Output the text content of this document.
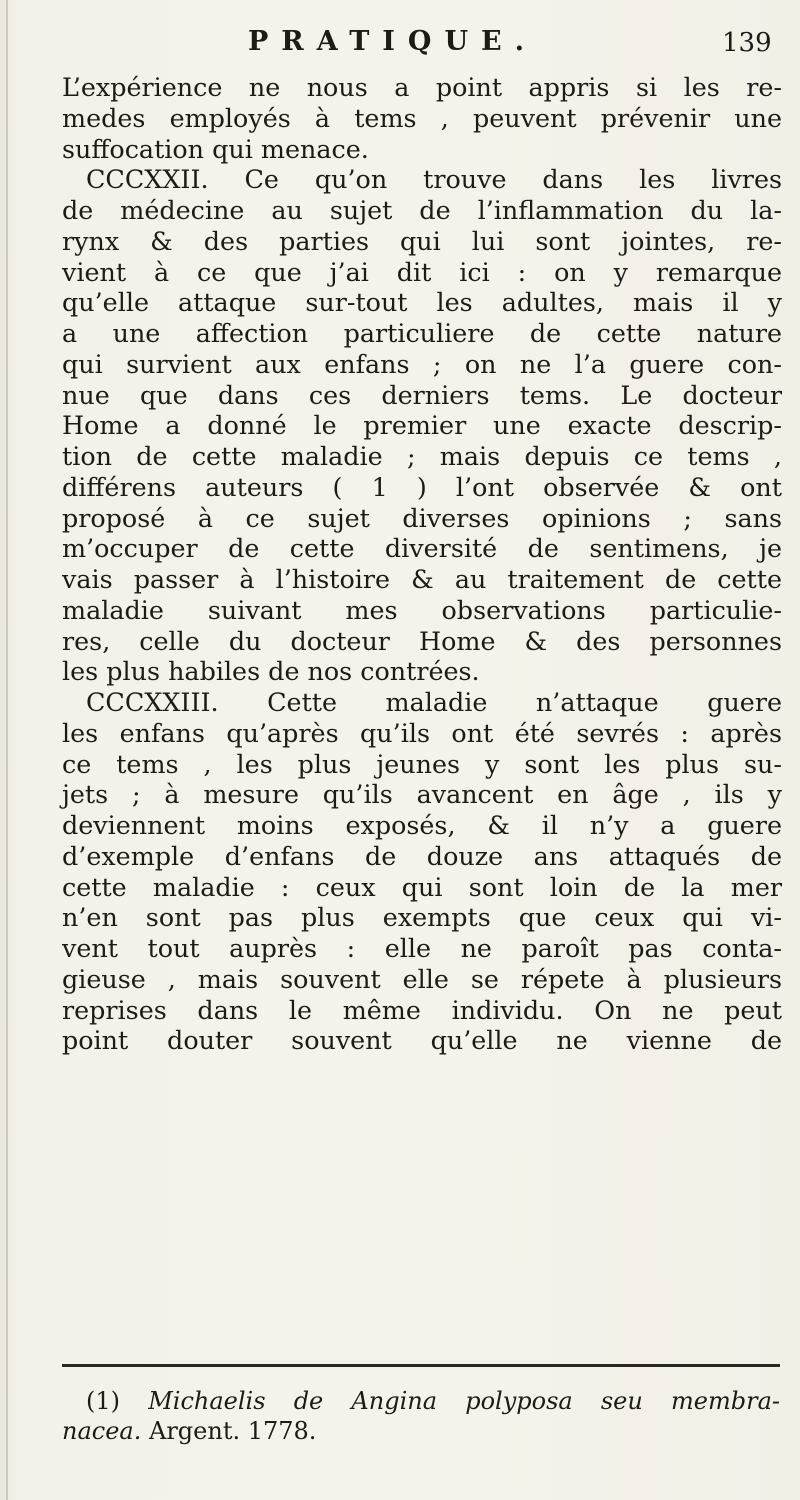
PRATIQUE.	139
L’expérience ne nous a point appris si les re-
medes employés à tems , peuvent prévenir une
suffocation qui menace.
CCCXXII. Ce qu’on trouve dans les livres
de médecine au sujet de l’inflammation du la-
rynx & des parties qui lui sont jointes, re-
vient à ce que j’ai dit ici : on y remarque
qu’elle attaque sur-tout les adultes, mais il y
a une affection particuliere de cette nature
qui survient aux enfans ; on ne l’a guere con-
nue que dans ces derniers tems. Le docteur
Home a donné le premier une exacte descrip-
tion de cette maladie ; mais depuis ce tems ,
différens auteurs ( 1 ) l’ont observée & ont
proposé à ce sujet diverses opinions ; sans
m’occuper de cette diversité de sentimens, je
vais passer à l’histoire & au traitement de cette
maladie suivant mes observations particulie-
res, celle du docteur Home & des personnes
les plus habiles de nos contrées.
CCCXXIII. Cette maladie n’attaque guere
les enfans qu’après qu’ils ont été sevrés : après
ce tems , les plus jeunes y sont les plus su-
jets ; à mesure qu’ils avancent en âge , ils y
deviennent moins exposés, & il n’y a guere
d’exemple d’enfans de douze ans attaqués de
cette maladie : ceux qui sont loin de la mer
n’en sont pas plus exempts que ceux qui vi-
vent tout auprès : elle ne paroît pas conta-
gieuse , mais souvent elle se répete à plusieurs
reprises dans le même individu. On ne peut
point douter souvent qu’elle ne vienne de
(1) Michaelis de Angina polyposa seu membra-
nacea. Argent. 1778.
